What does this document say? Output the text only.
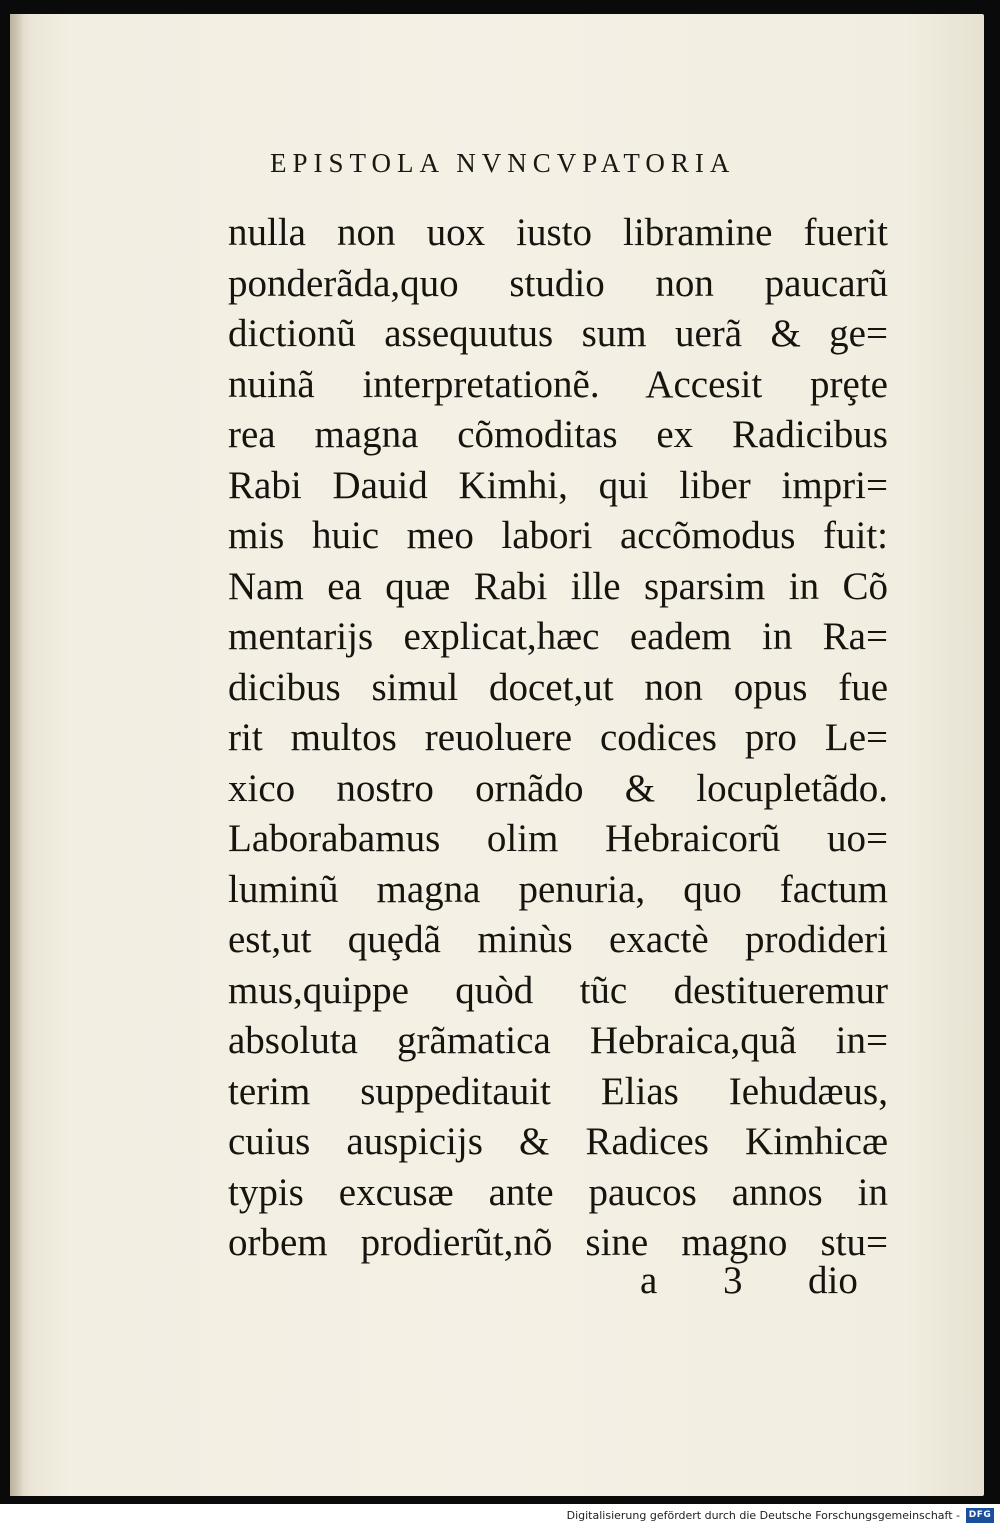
EPISTOLA NVNCVPATORIA
nulla non uox iusto libramine fuerit
ponderãda,quo studio non paucarũ
dictionũ assequutus sum uerã & ge=
nuinã interpretationẽ. Accesit prȩte
rea magna cõmoditas ex Radicibus
Rabi Dauid Kimhi, qui liber impri=
mis huic meo labori accõmodus fuit:
Nam ea quæ Rabi ille sparsim in Cõ
mentarijs explicat,hæc eadem in Ra=
dicibus simul docet,ut non opus fue
rit multos reuoluere codices pro Le=
xico nostro ornãdo & locupletãdo.
Laborabamus olim Hebraicorũ uo=
luminũ magna penuria, quo factum
est,ut quȩdã minùs exactè prodideri
mus,quippe quòd tũc destitueremur
absoluta grãmatica Hebraica,quã in=
terim suppeditauit Elias Iehudæus,
cuius auspicijs & Radices Kimhicæ
typis excusæ ante paucos annos in
orbem prodierũt,nõ sine magno stu=
a 3 dio
Digitalisierung gefördert durch die Deutsche Forschungsgemeinschaft - DFG
